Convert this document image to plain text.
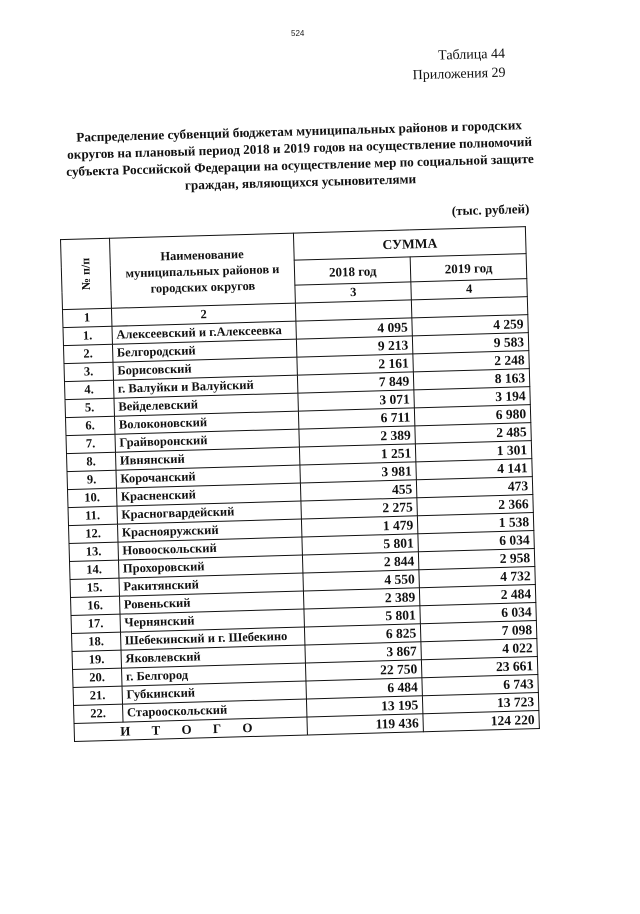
524
Таблица 44
Приложения 29
Распределение субвенций бюджетам муниципальных районов и городских округов на плановый период 2018 и 2019 годов на осуществление полномочий субъекта Российской Федерации на осуществление мер по социальной защите граждан, являющихся усыновителями
(тыс. рублей)
№ п/п	Наименование муниципальных районов и городских округов	СУММА	
		2018 год	2019 год
		3	4
1	2		
1.	Алексеевский и г.Алексеевка	4 095	4 259
2.	Белгородский	9 213	9 583
3.	Борисовский	2 161	2 248
4.	г. Валуйки и Валуйский	7 849	8 163
5.	Вейделевский	3 071	3 194
6.	Волоконовский	6 711	6 980
7.	Грайворонский	2 389	2 485
8.	Ивнянский	1 251	1 301
9.	Корочанский	3 981	4 141
10.	Красненский	455	473
11.	Красногвардейский	2 275	2 366
12.	Краснояружский	1 479	1 538
13.	Новооскольский	5 801	6 034
14.	Прохоровский	2 844	2 958
15.	Ракитянский	4 550	4 732
16.	Ровеньский	2 389	2 484
17.	Чернянский	5 801	6 034
18.	Шебекинский и г. Шебекино	6 825	7 098
19.	Яковлевский	3 867	4 022
20.	г. Белгород	22 750	23 661
21.	Губкинский	6 484	6 743
22.	Старооскольский	13 195	13 723
И Т О Г О		119 436	124 220
